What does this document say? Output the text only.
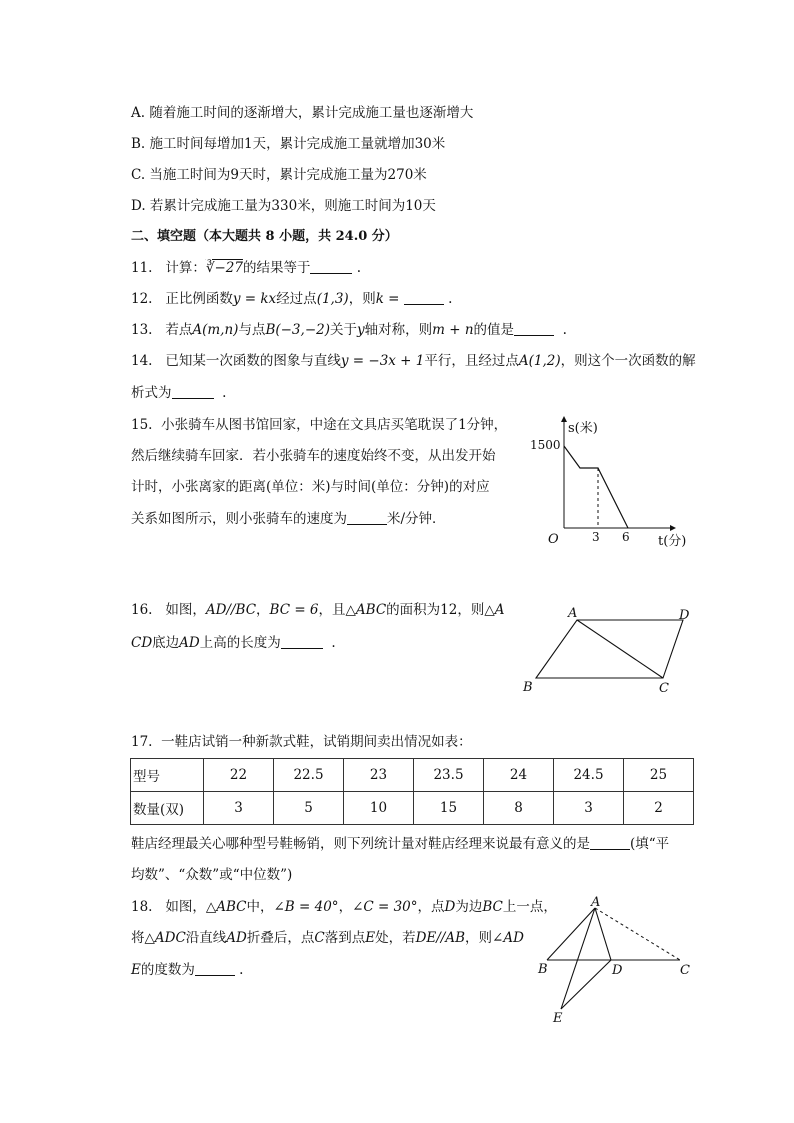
A. 随着施工时间的逐渐增大，累计完成施工量也逐渐增大
B. 施工时间每增加1天，累计完成施工量就增加30米
C. 当施工时间为9天时，累计完成施工量为270米
D. 若累计完成施工量为330米，则施工时间为10天
二、填空题（本大题共 8 小题，共 24.0 分）
11. 计算：∛−27的结果等于	.
12. 正比例函数y = kx经过点(1,3)，则k =	.
13. 若点A(m,n)与点B(−3,−2)关于y轴对称，则m + n的值是	.
14. 已知某一次函数的图象与直线y = −3x + 1平行，且经过点A(1,2)，则这个一次函数的解
析式为	.
15. 小张骑车从图书馆回家，中途在文具店买笔耽误了1分钟，
然后继续骑车回家．若小张骑车的速度始终不变，从出发开始
计时，小张离家的距离(单位：米)与时间(单位：分钟)的对应
关系如图所示，则小张骑车的速度为	米/分钟．
s(米)
1500
O	3 6 t(分)
16. 如图，AD//BC，BC = 6，且△ABC的面积为12，则△A
CD底边AD上高的长度为	.
A	D
B	C
17. 一鞋店试销一种新款式鞋，试销期间卖出情况如表：
型号	22	22.5	23	23.5	24	24.5	25
数量(双)	3	5	10	15	8	3	2
鞋店经理最关心哪种型号鞋畅销，则下列统计量对鞋店经理来说最有意义的是	(填“平
均数”、“众数”或“中位数”)
18. 如图，△ABC中，∠B = 40°，∠C = 30°，点D为边BC上一点，
将△ADC沿直线AD折叠后，点C落到点E处，若DE//AB，则∠AD
E的度数为	.
A
B	D	C
E
